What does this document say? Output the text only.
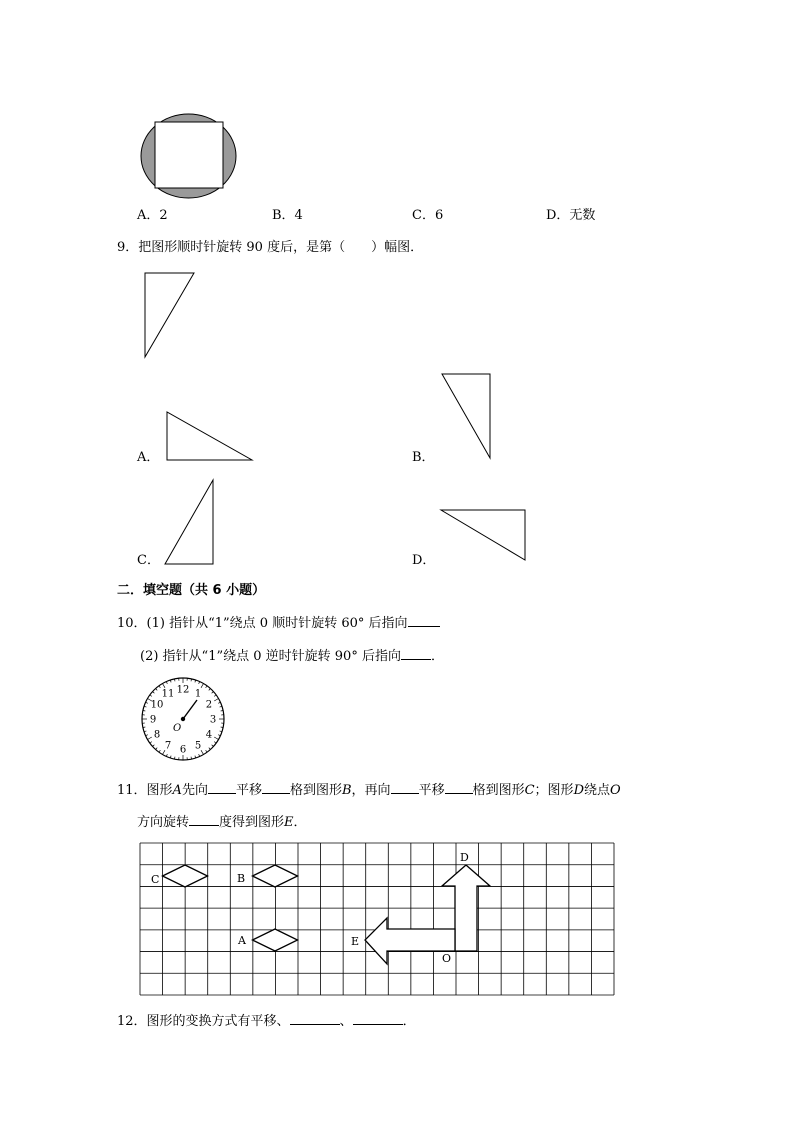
A．2	B．4	C．6	D．无数
9．把图形顺时针旋转 90 度后，是第（　　）幅图．
A．	B．
C．	D．
二．填空题（共 6 小题）
10．(1) 指针从“1”绕点 0 顺时针旋转 60° 后指向
(2) 指针从“1”绕点 0 逆时针旋转 90° 后指向 ．
12 1
2
3
4
5
6
7
8
9
10
11
O
11．图形A先向 平移 格到图形B，再向 平移 格到图形C；图形D绕点O
方向旋转 度得到图形E．
C	B
A	E
D
O
12．图形的变换方式有平移、	、	．
